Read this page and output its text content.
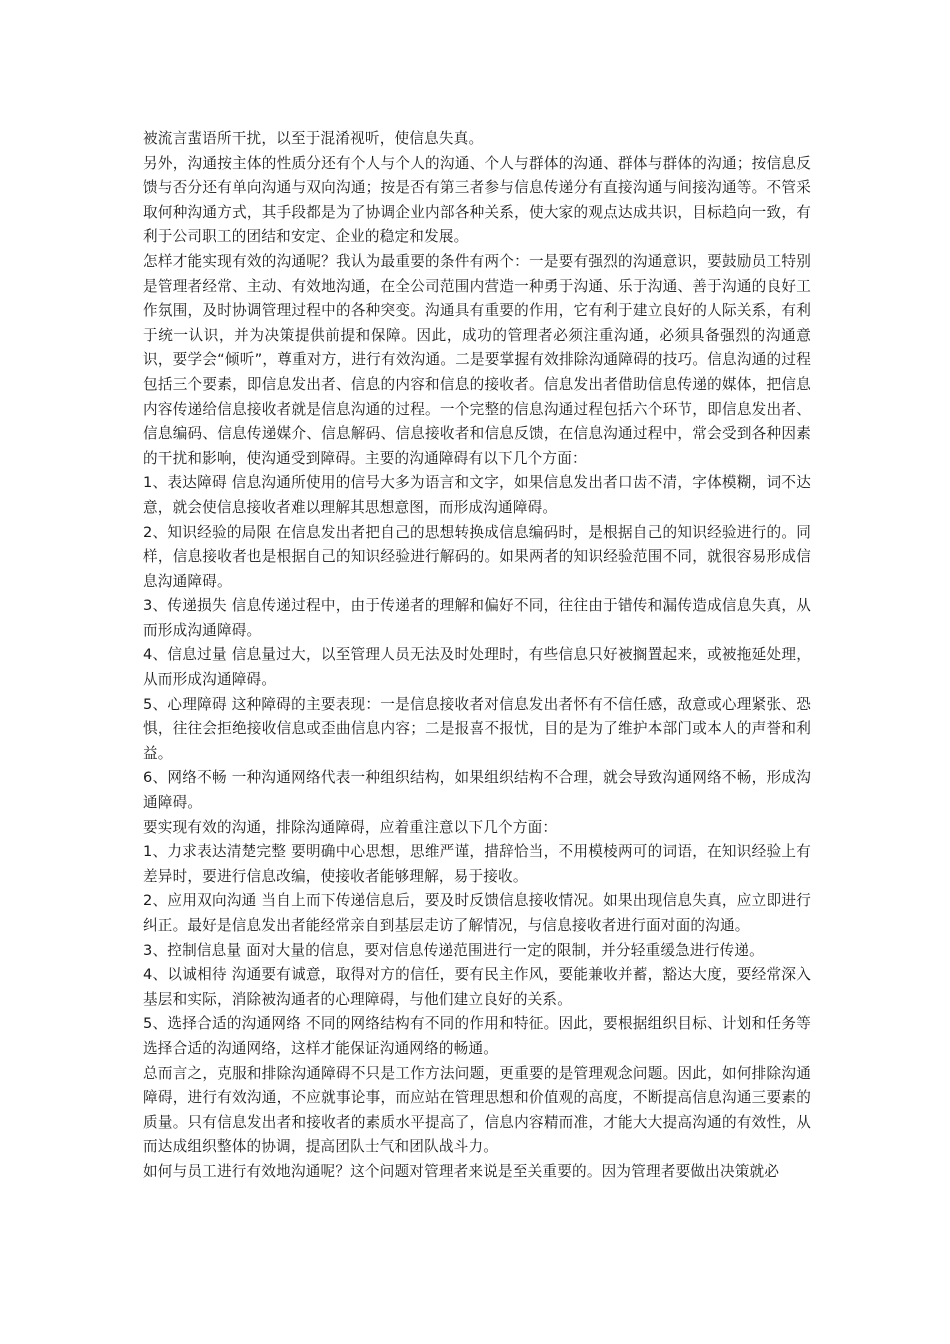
被流言蜚语所干扰，以至于混淆视听，使信息失真。

另外，沟通按主体的性质分还有个人与个人的沟通、个人与群体的沟通、群体与群体的沟通；按信息反馈与否分还有单向沟通与双向沟通；按是否有第三者参与信息传递分有直接沟通与间接沟通等。不管采取何种沟通方式，其手段都是为了协调企业内部各种关系，使大家的观点达成共识，目标趋向一致，有利于公司职工的团结和安定、企业的稳定和发展。

怎样才能实现有效的沟通呢？我认为最重要的条件有两个：一是要有强烈的沟通意识，要鼓励员工特别是管理者经常、主动、有效地沟通，在全公司范围内营造一种勇于沟通、乐于沟通、善于沟通的良好工作氛围，及时协调管理过程中的各种突变。沟通具有重要的作用，它有利于建立良好的人际关系，有利于统一认识，并为决策提供前提和保障。因此，成功的管理者必须注重沟通，必须具备强烈的沟通意识，要学会“倾听”，尊重对方，进行有效沟通。二是要掌握有效排除沟通障碍的技巧。信息沟通的过程包括三个要素，即信息发出者、信息的内容和信息的接收者。信息发出者借助信息传递的媒体，把信息内容传递给信息接收者就是信息沟通的过程。一个完整的信息沟通过程包括六个环节，即信息发出者、信息编码、信息传递媒介、信息解码、信息接收者和信息反馈，在信息沟通过程中，常会受到各种因素的干扰和影响，使沟通受到障碍。主要的沟通障碍有以下几个方面：

1、表达障碍 信息沟通所使用的信号大多为语言和文字，如果信息发出者口齿不清，字体模糊，词不达意，就会使信息接收者难以理解其思想意图，而形成沟通障碍。

2、知识经验的局限 在信息发出者把自己的思想转换成信息编码时，是根据自己的知识经验进行的。同样，信息接收者也是根据自己的知识经验进行解码的。如果两者的知识经验范围不同，就很容易形成信息沟通障碍。

3、传递损失 信息传递过程中，由于传递者的理解和偏好不同，往往由于错传和漏传造成信息失真，从而形成沟通障碍。

4、信息过量 信息量过大，以至管理人员无法及时处理时，有些信息只好被搁置起来，或被拖延处理，从而形成沟通障碍。

5、心理障碍 这种障碍的主要表现：一是信息接收者对信息发出者怀有不信任感，敌意或心理紧张、恐惧，往往会拒绝接收信息或歪曲信息内容；二是报喜不报忧，目的是为了维护本部门或本人的声誉和利益。

6、网络不畅 一种沟通网络代表一种组织结构，如果组织结构不合理，就会导致沟通网络不畅，形成沟通障碍。

要实现有效的沟通，排除沟通障碍，应着重注意以下几个方面：

1、力求表达清楚完整 要明确中心思想，思维严谨，措辞恰当，不用模棱两可的词语，在知识经验上有差异时，要进行信息改编，使接收者能够理解，易于接收。

2、应用双向沟通 当自上而下传递信息后，要及时反馈信息接收情况。如果出现信息失真，应立即进行纠正。最好是信息发出者能经常亲自到基层走访了解情况，与信息接收者进行面对面的沟通。

3、控制信息量 面对大量的信息，要对信息传递范围进行一定的限制，并分轻重缓急进行传递。

4、以诚相待 沟通要有诚意，取得对方的信任，要有民主作风，要能兼收并蓄，豁达大度，要经常深入基层和实际，消除被沟通者的心理障碍，与他们建立良好的关系。

5、选择合适的沟通网络 不同的网络结构有不同的作用和特征。因此，要根据组织目标、计划和任务等选择合适的沟通网络，这样才能保证沟通网络的畅通。

总而言之，克服和排除沟通障碍不只是工作方法问题，更重要的是管理观念问题。因此，如何排除沟通障碍，进行有效沟通，不应就事论事，而应站在管理思想和价值观的高度，不断提高信息沟通三要素的质量。只有信息发出者和接收者的素质水平提高了，信息内容精而准，才能大大提高沟通的有效性，从而达成组织整体的协调，提高团队士气和团队战斗力。

如何与员工进行有效地沟通呢？这个问题对管理者来说是至关重要的。因为管理者要做出决策就必
